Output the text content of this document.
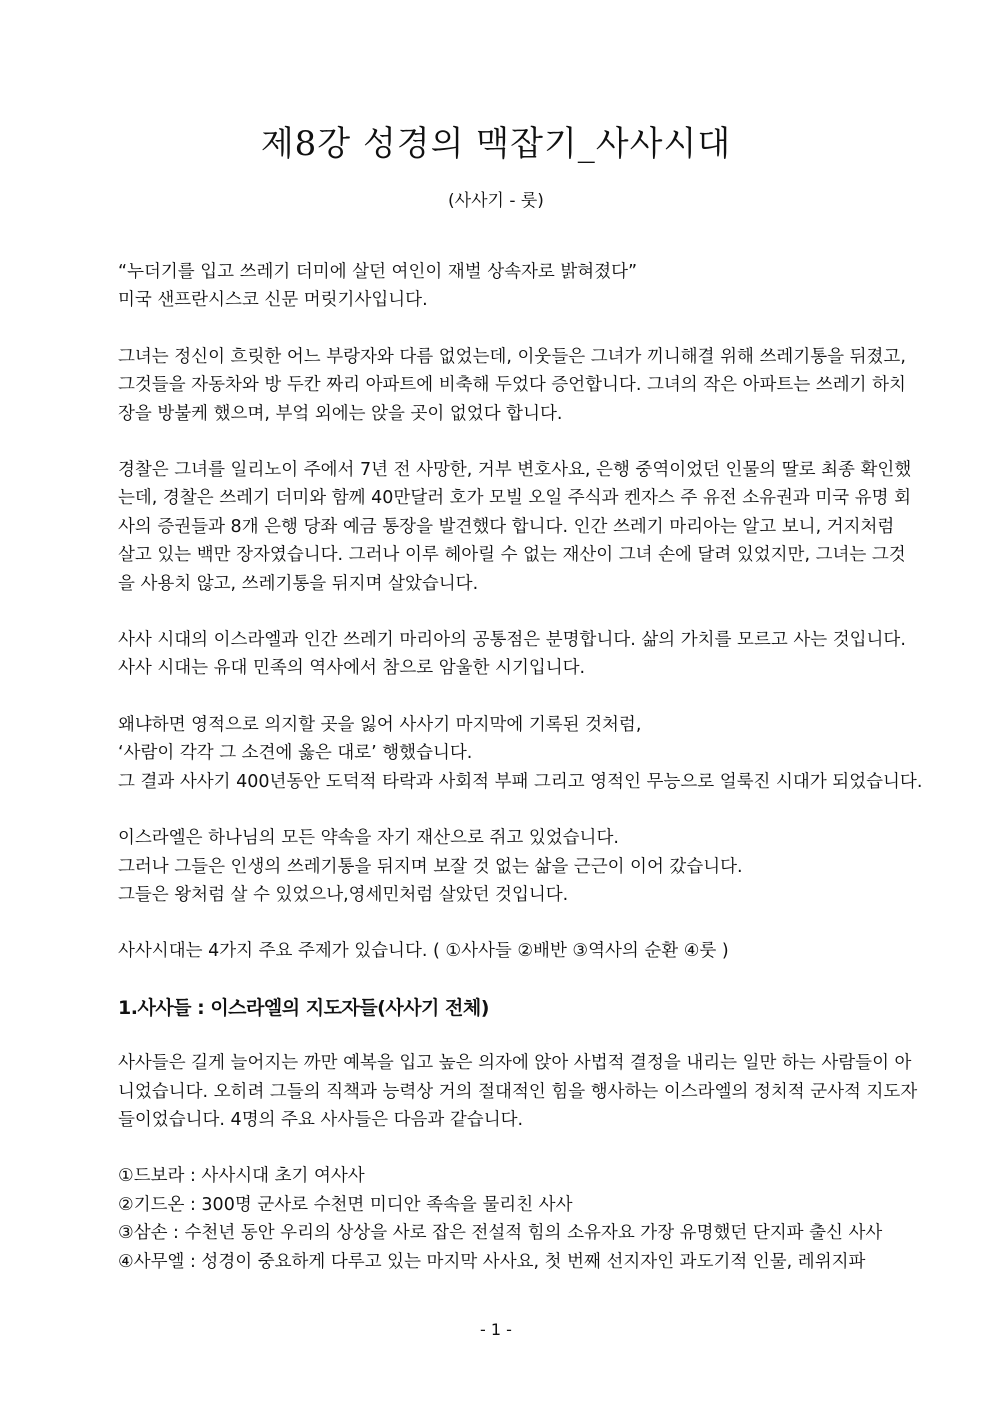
제8강 성경의 맥잡기_사사시대

(사사기 - 룻)

“누더기를 입고 쓰레기 더미에 살던 여인이 재벌 상속자로 밝혀졌다”
미국 샌프란시스코 신문 머릿기사입니다.
그녀는 정신이 흐릿한 어느 부랑자와 다름 없었는데, 이웃들은 그녀가 끼니해결 위해 쓰레기통을 뒤졌고,
그것들을 자동차와 방 두칸 짜리 아파트에 비축해 두었다 증언합니다. 그녀의 작은 아파트는 쓰레기 하치
장을 방불케 했으며, 부엌 외에는 앉을 곳이 없었다 합니다.
경찰은 그녀를 일리노이 주에서 7년 전 사망한, 거부 변호사요, 은행 중역이었던 인물의 딸로 최종 확인했
는데, 경찰은 쓰레기 더미와 함께 40만달러 호가 모빌 오일 주식과 켄자스 주 유전 소유권과 미국 유명 회
사의 증권들과 8개 은행 당좌 예금 통장을 발견했다 합니다. 인간 쓰레기 마리아는 알고 보니, 거지처럼
살고 있는 백만 장자였습니다. 그러나 이루 헤아릴 수 없는 재산이 그녀 손에 달려 있었지만, 그녀는 그것
을 사용치 않고, 쓰레기통을 뒤지며 살았습니다.
사사 시대의 이스라엘과 인간 쓰레기 마리아의 공통점은 분명합니다. 삶의 가치를 모르고 사는 것입니다.
사사 시대는 유대 민족의 역사에서 참으로 암울한 시기입니다.
왜냐하면 영적으로 의지할 곳을 잃어 사사기 마지막에 기록된 것처럼,
‘사람이 각각 그 소견에 옳은 대로’ 행했습니다.
그 결과 사사기 400년동안 도덕적 타락과 사회적 부패 그리고 영적인 무능으로 얼룩진 시대가 되었습니다.
이스라엘은 하나님의 모든 약속을 자기 재산으로 쥐고 있었습니다.
그러나 그들은 인생의 쓰레기통을 뒤지며 보잘 것 없는 삶을 근근이 이어 갔습니다.
그들은 왕처럼 살 수 있었으나,영세민처럼 살았던 것입니다.
사사시대는 4가지 주요 주제가 있습니다. ( ①사사들 ②배반 ③역사의 순환 ④룻 )
1.사사들 : 이스라엘의 지도자들(사사기 전체)
사사들은 길게 늘어지는 까만 예복을 입고 높은 의자에 앉아 사법적 결정을 내리는 일만 하는 사람들이 아
니었습니다. 오히려 그들의 직책과 능력상 거의 절대적인 힘을 행사하는 이스라엘의 정치적 군사적 지도자
들이었습니다. 4명의 주요 사사들은 다음과 같습니다.
①드보라 : 사사시대 초기 여사사
②기드온 : 300명 군사로 수천면 미디안 족속을 물리친 사사
③삼손 : 수천년 동안 우리의 상상을 사로 잡은 전설적 힘의 소유자요 가장 유명했던 단지파 출신 사사
④사무엘 : 성경이 중요하게 다루고 있는 마지막 사사요, 첫 번째 선지자인 과도기적 인물, 레위지파
- 1 -
